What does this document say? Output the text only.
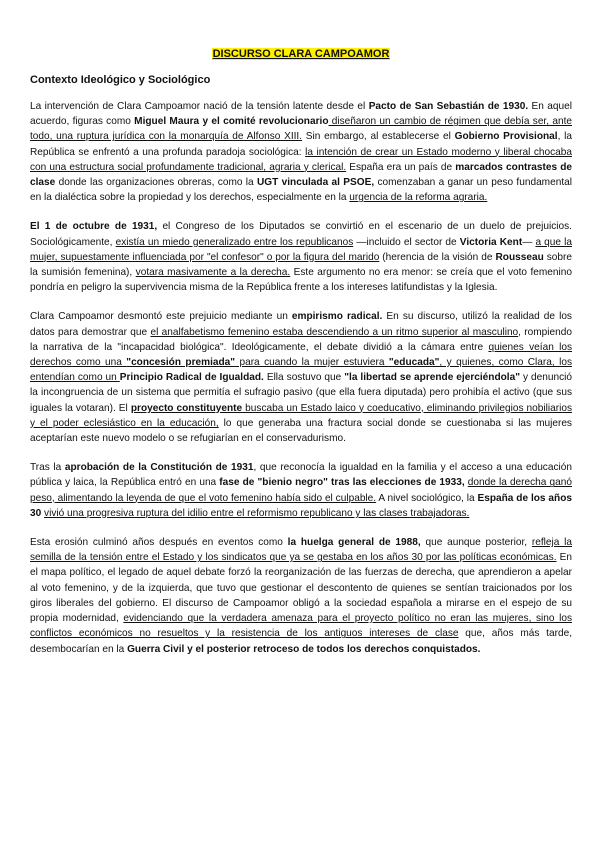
DISCURSO CLARA CAMPOAMOR
Contexto Ideológico y Sociológico

La intervención de Clara Campoamor nació de la tensión latente desde el Pacto de San Sebastián de 1930. En aquel acuerdo, figuras como Miguel Maura y el comité revolucionario diseñaron un cambio de régimen que debía ser, ante todo, una ruptura jurídica con la monarquía de Alfonso XIII. Sin embargo, al establecerse el Gobierno Provisional, la República se enfrentó a una profunda paradoja sociológica: la intención de crear un Estado moderno y liberal chocaba con una estructura social profundamente tradicional, agraria y clerical. España era un país de marcados contrastes de clase donde las organizaciones obreras, como la UGT vinculada al PSOE, comenzaban a ganar un peso fundamental en la dialéctica sobre la propiedad y los derechos, especialmente en la urgencia de la reforma agraria.

El 1 de octubre de 1931, el Congreso de los Diputados se convirtió en el escenario de un duelo de prejuicios. Sociológicamente, existía un miedo generalizado entre los republicanos —incluido el sector de Victoria Kent— a que la mujer, supuestamente influenciada por "el confesor" o por la figura del marido (herencia de la visión de Rousseau sobre la sumisión femenina), votara masivamente a la derecha. Este argumento no era menor: se creía que el voto femenino pondría en peligro la supervivencia misma de la República frente a los intereses latifundistas y la Iglesia.

Clara Campoamor desmontó este prejuicio mediante un empirismo radical. En su discurso, utilizó la realidad de los datos para demostrar que el analfabetismo femenino estaba descendiendo a un ritmo superior al masculino, rompiendo la narrativa de la "incapacidad biológica". Ideológicamente, el debate dividió a la cámara entre quienes veían los derechos como una "concesión premiada" para cuando la mujer estuviera "educada", y quienes, como Clara, los entendían como un Principio Radical de Igualdad. Ella sostuvo que "la libertad se aprende ejerciéndola" y denunció la incongruencia de un sistema que permitía el sufragio pasivo (que ella fuera diputada) pero prohibía el activo (que sus iguales la votaran). El proyecto constituyente buscaba un Estado laico y coeducativo, eliminando privilegios nobiliarios y el poder eclesiástico en la educación, lo que generaba una fractura social donde se cuestionaba si las mujeres aceptarían este nuevo modelo o se refugiarían en el conservadurismo.

Tras la aprobación de la Constitución de 1931, que reconocía la igualdad en la familia y el acceso a una educación pública y laica, la República entró en una fase de "bienio negro" tras las elecciones de 1933, donde la derecha ganó peso, alimentando la leyenda de que el voto femenino había sido el culpable. A nivel sociológico, la España de los años 30 vivió una progresiva ruptura del idilio entre el reformismo republicano y las clases trabajadoras.

Esta erosión culminó años después en eventos como la huelga general de 1988, que aunque posterior, refleja la semilla de la tensión entre el Estado y los sindicatos que ya se gestaba en los años 30 por las políticas económicas. En el mapa político, el legado de aquel debate forzó la reorganización de las fuerzas de derecha, que aprendieron a apelar al voto femenino, y de la izquierda, que tuvo que gestionar el descontento de quienes se sentían traicionados por los giros liberales del gobierno. El discurso de Campoamor obligó a la sociedad española a mirarse en el espejo de su propia modernidad, evidenciando que la verdadera amenaza para el proyecto político no eran las mujeres, sino los conflictos económicos no resueltos y la resistencia de los antiguos intereses de clase que, años más tarde, desembocarían en la Guerra Civil y el posterior retroceso de todos los derechos conquistados.
